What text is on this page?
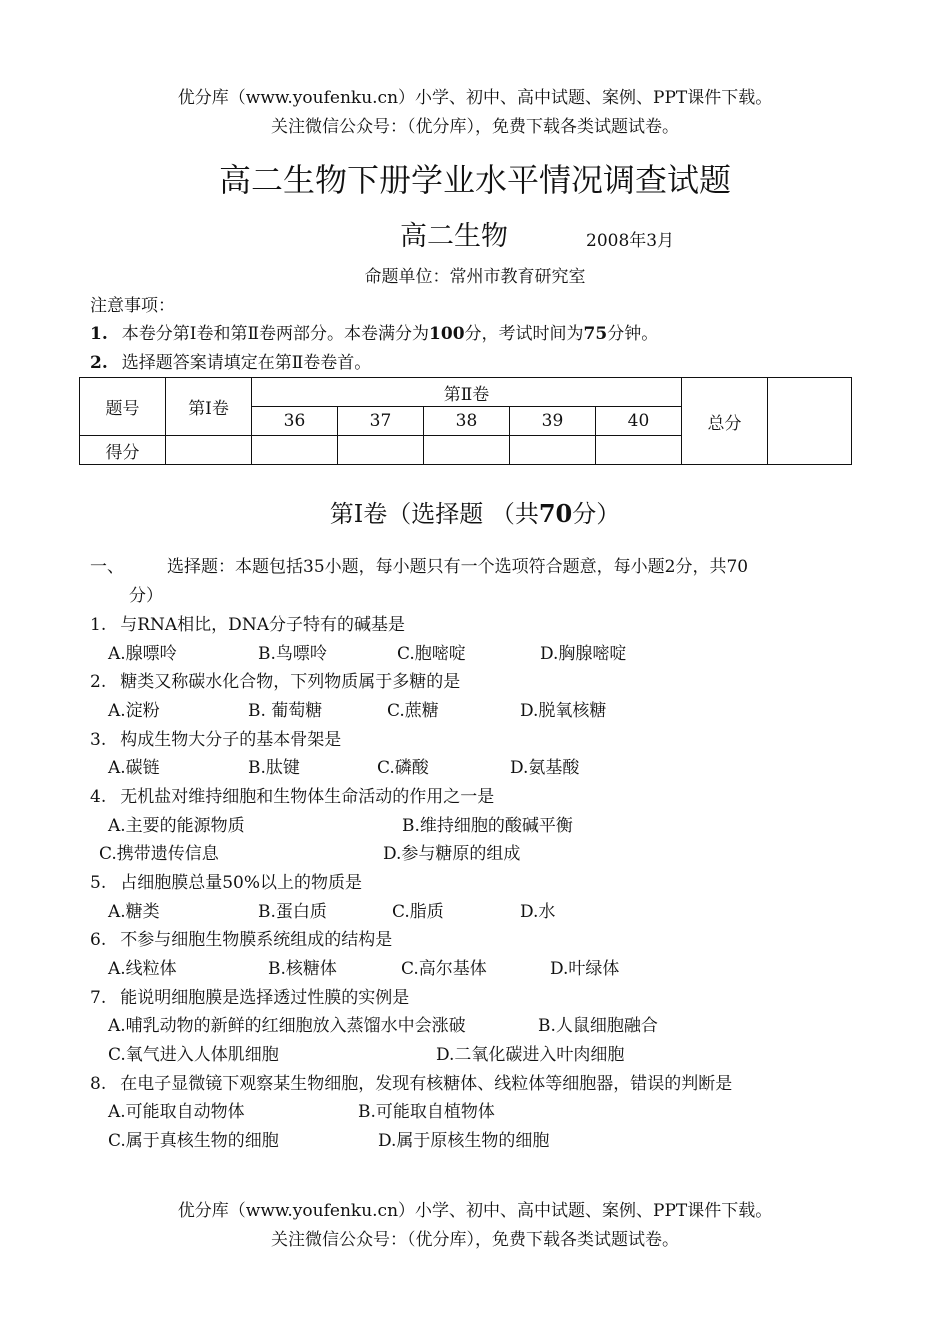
优分库（www.youfenku.cn）小学、初中、高中试题、案例、PPT课件下载。
关注微信公众号：（优分库），免费下载各类试题试卷。
高二生物下册学业水平情况调查试题
高二生物	2008年3月
命题单位：常州市教育研究室
注意事项：
1. 本卷分第Ⅰ卷和第Ⅱ卷两部分。本卷满分为100分，考试时间为75分钟。
2. 选择题答案请填定在第Ⅱ卷卷首。
题号	第Ⅰ卷	第Ⅱ卷					总分	
		36	37	38	39	40		
得分								
第Ⅰ卷（选择题 （共70分）
一、	选择题：本题包括35小题，每小题只有一个选项符合题意，每小题2分，共70
分）
1. 与RNA相比，DNA分子特有的碱基是
A.腺嘌呤	B.鸟嘌呤	C.胞嘧啶	D.胸腺嘧啶
2. 糖类又称碳水化合物，下列物质属于多糖的是
A.淀粉	B. 葡萄糖	C.蔗糖	D.脱氧核糖
3. 构成生物大分子的基本骨架是
A.碳链	B.肽键	C.磷酸	D.氨基酸
4. 无机盐对维持细胞和生物体生命活动的作用之一是
A.主要的能源物质	B.维持细胞的酸碱平衡
C.携带遗传信息	D.参与糖原的组成
5. 占细胞膜总量50%以上的物质是
A.糖类	B.蛋白质	C.脂质	D.水
6. 不参与细胞生物膜系统组成的结构是
A.线粒体	B.核糖体	C.高尔基体	D.叶绿体
7. 能说明细胞膜是选择透过性膜的实例是
A.哺乳动物的新鲜的红细胞放入蒸馏水中会涨破	B.人鼠细胞融合
C.氧气进入人体肌细胞	D.二氧化碳进入叶肉细胞
8. 在电子显微镜下观察某生物细胞，发现有核糖体、线粒体等细胞器，错误的判断是
A.可能取自动物体	B.可能取自植物体
C.属于真核生物的细胞	D.属于原核生物的细胞
优分库（www.youfenku.cn）小学、初中、高中试题、案例、PPT课件下载。
关注微信公众号：（优分库），免费下载各类试题试卷。
